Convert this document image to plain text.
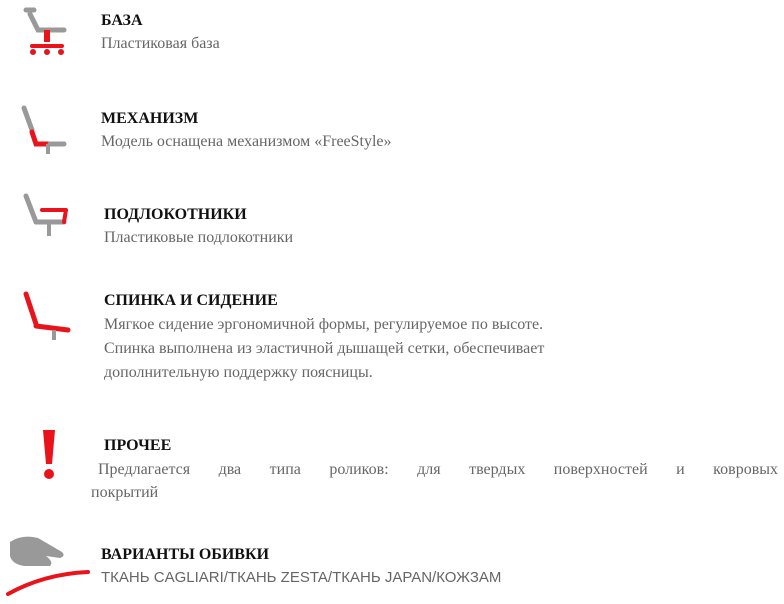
БАЗА
Пластиковая база
МЕХАНИЗМ
Модель оснащена механизмом «FreeStyle»
ПОДЛОКОТНИКИ
Пластиковые подлокотники
СПИНКА И СИДЕНИЕ
Мягкое сидение эргономичной формы, регулируемое по высоте.
Спинка выполнена из эластичной дышащей сетки, обеспечивает
дополнительную поддержку поясницы.
ПРОЧЕЕ
Предлагается два типа роликов: для твердых поверхностей и ковровых
покрытий
ВАРИАНТЫ ОБИВКИ
ТКАНЬ CAGLIARI/ТКАНЬ ZESTA/ТКАНЬ JAPAN/КОЖЗАМ
